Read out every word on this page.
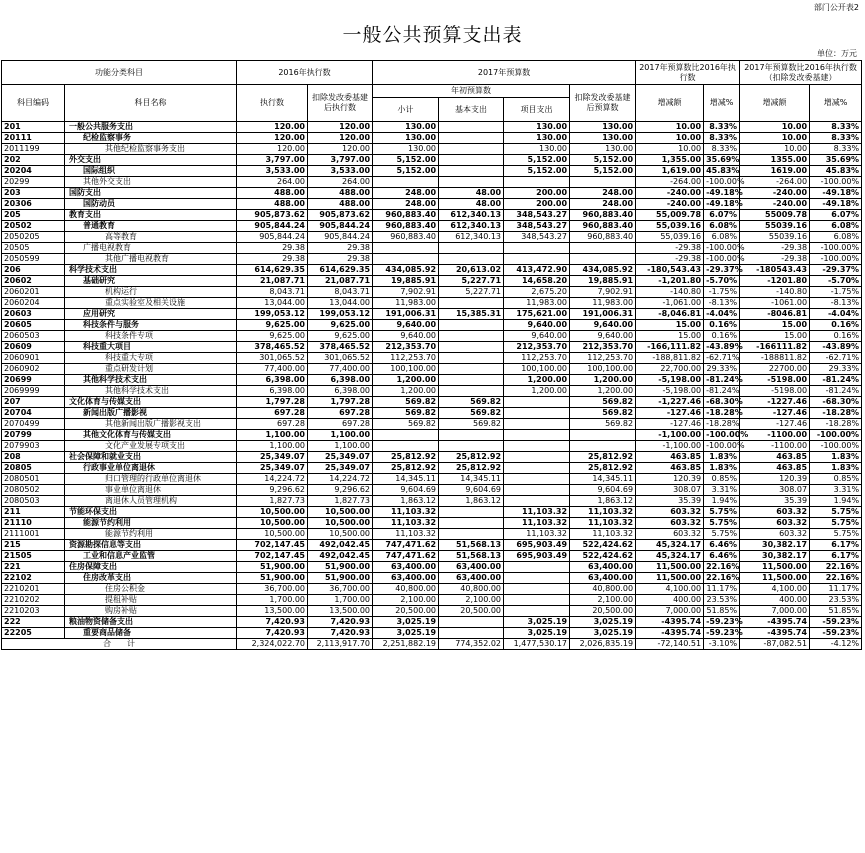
部门公开表2
一般公共预算支出表
单位：万元
功能分类科目		2016年执行数		2017年预算数				2017年预算数比2016年执行数		2017年预算数比2016年执行数（扣除发改委基建）	
科目编码	科目名称	执行数	扣除发改委基建后执行数	年初预算数			扣除发改委基建后预算数	增减额	增减%	增减额	增减%
				小计	基本支出	项目支出					
201	一般公共服务支出	120.00	120.00	130.00		130.00	130.00	10.00	8.33%	10.00	8.33%
20111	纪检监察事务	120.00	120.00	130.00		130.00	130.00	10.00	8.33%	10.00	8.33%
2011199	其他纪检监察事务支出	120.00	120.00	130.00		130.00	130.00	10.00	8.33%	10.00	8.33%
202	外交支出	3,797.00	3,797.00	5,152.00		5,152.00	5,152.00	1,355.00	35.69%	1355.00	35.69%
20204	国际组织	3,533.00	3,533.00	5,152.00		5,152.00	5,152.00	1,619.00	45.83%	1619.00	45.83%
20299	其他外交支出	264.00	264.00					-264.00	-100.00%	-264.00	-100.00%
203	国防支出	488.00	488.00	248.00	48.00	200.00	248.00	-240.00	-49.18%	-240.00	-49.18%
20306	国防动员	488.00	488.00	248.00	48.00	200.00	248.00	-240.00	-49.18%	-240.00	-49.18%
205	教育支出	905,873.62	905,873.62	960,883.40	612,340.13	348,543.27	960,883.40	55,009.78	6.07%	55009.78	6.07%
20502	普通教育	905,844.24	905,844.24	960,883.40	612,340.13	348,543.27	960,883.40	55,039.16	6.08%	55039.16	6.08%
2050205	高等教育	905,844.24	905,844.24	960,883.40	612,340.13	348,543.27	960,883.40	55,039.16	6.08%	55039.16	6.08%
20505	广播电视教育	29.38	29.38					-29.38	-100.00%	-29.38	-100.00%
2050599	其他广播电视教育	29.38	29.38					-29.38	-100.00%	-29.38	-100.00%
206	科学技术支出	614,629.35	614,629.35	434,085.92	20,613.02	413,472.90	434,085.92	-180,543.43	-29.37%	-180543.43	-29.37%
20602	基础研究	21,087.71	21,087.71	19,885.91	5,227.71	14,658.20	19,885.91	-1,201.80	-5.70%	-1201.80	-5.70%
2060201	机构运行	8,043.71	8,043.71	7,902.91	5,227.71	2,675.20	7,902.91	-140.80	-1.75%	-140.80	-1.75%
2060204	重点实验室及相关设施	13,044.00	13,044.00	11,983.00		11,983.00	11,983.00	-1,061.00	-8.13%	-1061.00	-8.13%
20603	应用研究	199,053.12	199,053.12	191,006.31	15,385.31	175,621.00	191,006.31	-8,046.81	-4.04%	-8046.81	-4.04%
20605	科技条件与服务	9,625.00	9,625.00	9,640.00		9,640.00	9,640.00	15.00	0.16%	15.00	0.16%
2060503	科技条件专项	9,625.00	9,625.00	9,640.00		9,640.00	9,640.00	15.00	0.16%	15.00	0.16%
20609	科技重大项目	378,465.52	378,465.52	212,353.70		212,353.70	212,353.70	-166,111.82	-43.89%	-166111.82	-43.89%
2060901	科技重大专项	301,065.52	301,065.52	112,253.70		112,253.70	112,253.70	-188,811.82	-62.71%	-188811.82	-62.71%
2060902	重点研发计划	77,400.00	77,400.00	100,100.00		100,100.00	100,100.00	22,700.00	29.33%	22700.00	29.33%
20699	其他科学技术支出	6,398.00	6,398.00	1,200.00		1,200.00	1,200.00	-5,198.00	-81.24%	-5198.00	-81.24%
2069999	其他科学技术支出	6,398.00	6,398.00	1,200.00		1,200.00	1,200.00	-5,198.00	-81.24%	-5198.00	-81.24%
207	文化体育与传媒支出	1,797.28	1,797.28	569.82	569.82		569.82	-1,227.46	-68.30%	-1227.46	-68.30%
20704	新闻出版广播影视	697.28	697.28	569.82	569.82		569.82	-127.46	-18.28%	-127.46	-18.28%
2070499	其他新闻出版广播影视支出	697.28	697.28	569.82	569.82		569.82	-127.46	-18.28%	-127.46	-18.28%
20799	其他文化体育与传媒支出	1,100.00	1,100.00					-1,100.00	-100.00%	-1100.00	-100.00%
2079903	文化产业发展专项支出	1,100.00	1,100.00					-1,100.00	-100.00%	-1100.00	-100.00%
208	社会保障和就业支出	25,349.07	25,349.07	25,812.92	25,812.92		25,812.92	463.85	1.83%	463.85	1.83%
20805	行政事业单位离退休	25,349.07	25,349.07	25,812.92	25,812.92		25,812.92	463.85	1.83%	463.85	1.83%
2080501	归口管理的行政单位离退休	14,224.72	14,224.72	14,345.11	14,345.11		14,345.11	120.39	0.85%	120.39	0.85%
2080502	事业单位离退休	9,296.62	9,296.62	9,604.69	9,604.69		9,604.69	308.07	3.31%	308.07	3.31%
2080503	离退休人员管理机构	1,827.73	1,827.73	1,863.12	1,863.12		1,863.12	35.39	1.94%	35.39	1.94%
211	节能环保支出	10,500.00	10,500.00	11,103.32		11,103.32	11,103.32	603.32	5.75%	603.32	5.75%
21110	能源节约利用	10,500.00	10,500.00	11,103.32		11,103.32	11,103.32	603.32	5.75%	603.32	5.75%
2111001	能源节约利用	10,500.00	10,500.00	11,103.32		11,103.32	11,103.32	603.32	5.75%	603.32	5.75%
215	资源勘探信息等支出	702,147.45	492,042.45	747,471.62	51,568.13	695,903.49	522,424.62	45,324.17	6.46%	30,382.17	6.17%
21505	工业和信息产业监管	702,147.45	492,042.45	747,471.62	51,568.13	695,903.49	522,424.62	45,324.17	6.46%	30,382.17	6.17%
221	住房保障支出	51,900.00	51,900.00	63,400.00	63,400.00		63,400.00	11,500.00	22.16%	11,500.00	22.16%
22102	住房改革支出	51,900.00	51,900.00	63,400.00	63,400.00		63,400.00	11,500.00	22.16%	11,500.00	22.16%
2210201	住房公积金	36,700.00	36,700.00	40,800.00	40,800.00		40,800.00	4,100.00	11.17%	4,100.00	11.17%
2210202	提租补贴	1,700.00	1,700.00	2,100.00	2,100.00		2,100.00	400.00	23.53%	400.00	23.53%
2210203	购房补贴	13,500.00	13,500.00	20,500.00	20,500.00		20,500.00	7,000.00	51.85%	7,000.00	51.85%
222	粮油物资储备支出	7,420.93	7,420.93	3,025.19		3,025.19	3,025.19	-4395.74	-59.23%	-4395.74	-59.23%
22205	重要商品储备	7,420.93	7,420.93	3,025.19		3,025.19	3,025.19	-4395.74	-59.23%	-4395.74	-59.23%
合　　计		2,324,022.70	2,113,917.70	2,251,882.19	774,352.02	1,477,530.17	2,026,835.19	-72,140.51	-3.10%	-87,082.51	-4.12%
